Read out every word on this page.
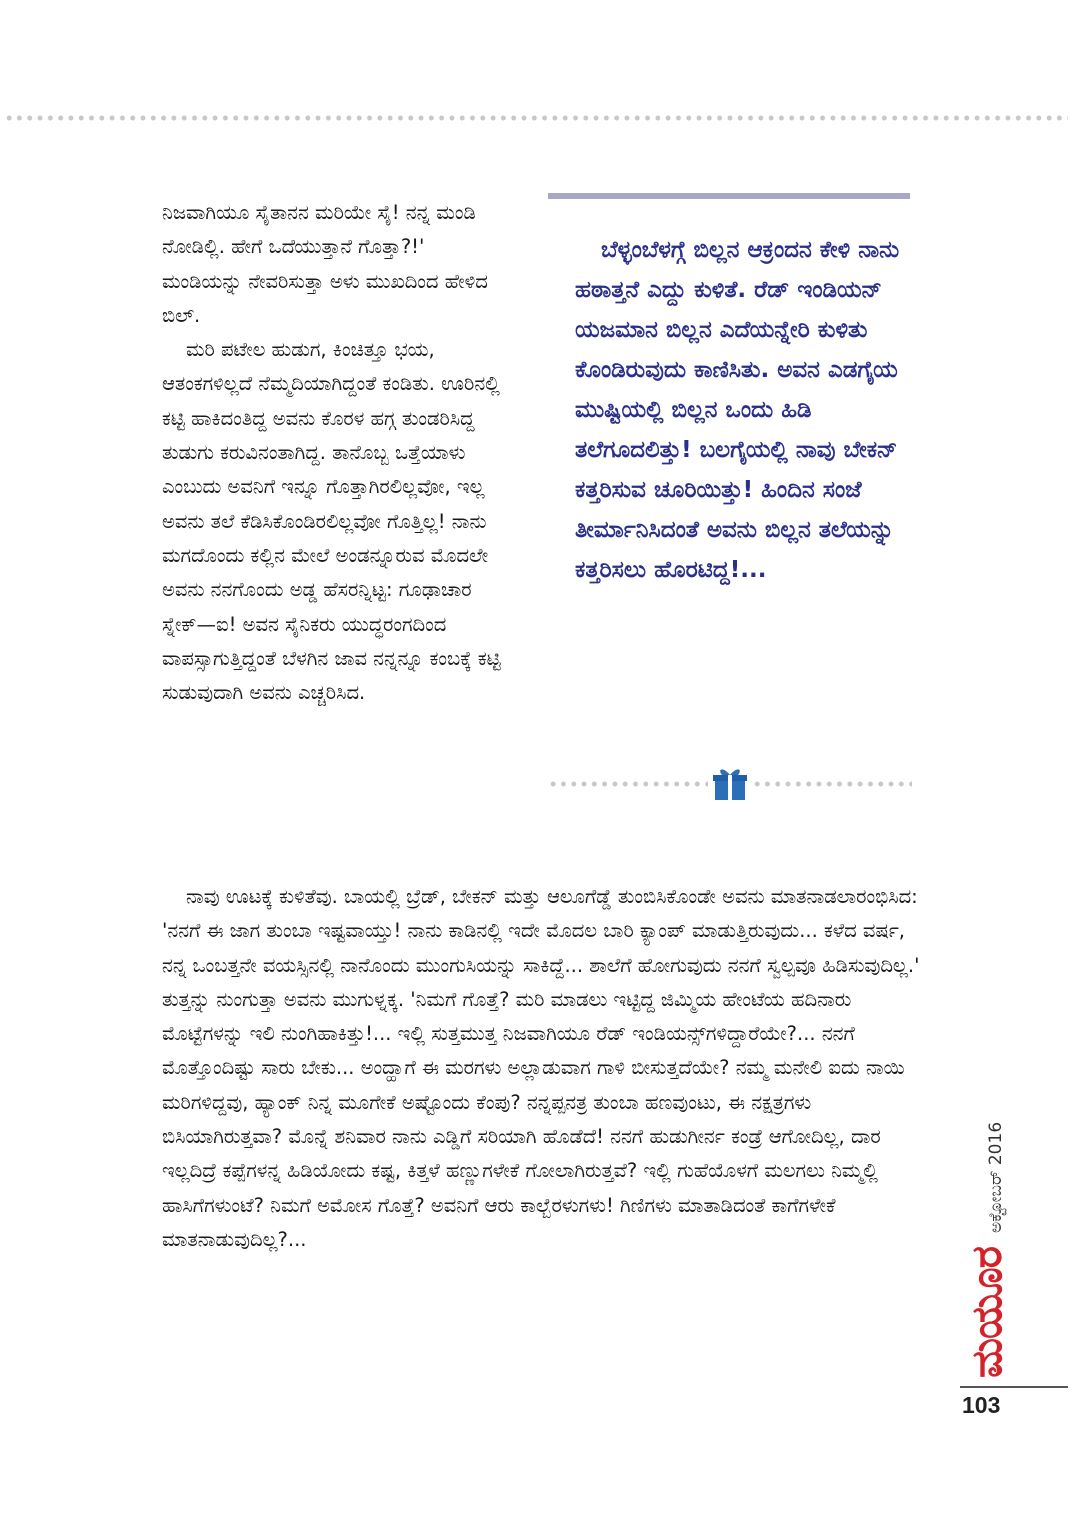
ನಿಜವಾಗಿಯೂ ಸೈತಾನನ ಮರಿಯೇ ಸೈ! ನನ್ನ ಮಂಡಿ ನೋಡಿಲ್ಲಿ. ಹೇಗೆ ಒದೆಯುತ್ತಾನೆ ಗೊತ್ತಾ?!' ಮಂಡಿಯನ್ನು ನೇವರಿಸುತ್ತಾ ಅಳು ಮುಖದಿಂದ ಹೇಳಿದ ಬಿಲ್.

ಮರಿ ಪಟೇಲ ಹುಡುಗ, ಕಿಂಚಿತ್ತೂ ಭಯ, ಆತಂಕಗಳಿಲ್ಲದೆ ನೆಮ್ಮದಿಯಾಗಿದ್ದಂತೆ ಕಂಡಿತು. ಊರಿನಲ್ಲಿ ಕಟ್ಟಿ ಹಾಕಿದಂತಿದ್ದ ಅವನು ಕೊರಳ ಹಗ್ಗ ತುಂಡರಿಸಿದ್ದ ತುಡುಗು ಕರುವಿನಂತಾಗಿದ್ದ. ತಾನೊಬ್ಬ ಒತ್ತೆಯಾಳು ಎಂಬುದು ಅವನಿಗೆ ಇನ್ನೂ ಗೊತ್ತಾಗಿರಲಿಲ್ಲವೋ, ಇಲ್ಲ ಅವನು ತಲೆ ಕೆಡಿಸಿಕೊಂಡಿರಲಿಲ್ಲವೋ ಗೊತ್ತಿಲ್ಲ! ನಾನು ಮಗದೊಂದು ಕಲ್ಲಿನ ಮೇಲೆ ಅಂಡನ್ನೂರುವ ಮೊದಲೇ ಅವನು ನನಗೊಂದು ಅಡ್ಡ ಹೆಸರನ್ನಿಟ್ಟ: ಗೂಢಾಚಾರ ಸ್ನೇಕ್—ಐ! ಅವನ ಸೈನಿಕರು ಯುದ್ಧರಂಗದಿಂದ ವಾಪಸ್ಸಾಗುತ್ತಿದ್ದಂತೆ ಬೆಳಗಿನ ಜಾವ ನನ್ನನ್ನೂ ಕಂಬಕ್ಕೆ ಕಟ್ಟಿ ಸುಡುವುದಾಗಿ ಅವನು ಎಚ್ಚರಿಸಿದ.

ಬೆಳ್ಳಂಬೆಳಗ್ಗೆ ಬಿಲ್ಲನ ಆಕ್ರಂದನ ಕೇಳಿ ನಾನು ಹಠಾತ್ತನೆ ಎದ್ದು ಕುಳಿತೆ. ರೆಡ್ ಇಂಡಿಯನ್ ಯಜಮಾನ ಬಿಲ್ಲನ ಎದೆಯನ್ನೇರಿ ಕುಳಿತು ಕೊಂಡಿರುವುದು ಕಾಣಿಸಿತು. ಅವನ ಎಡಗೈಯ ಮುಷ್ಟಿಯಲ್ಲಿ ಬಿಲ್ಲನ ಒಂದು ಹಿಡಿ ತಲೆಗೂದಲಿತ್ತು! ಬಲಗೈಯಲ್ಲಿ ನಾವು ಬೇಕನ್ ಕತ್ತರಿಸುವ ಚೂರಿಯಿತ್ತು! ಹಿಂದಿನ ಸಂಜೆ ತೀರ್ಮಾನಿಸಿದಂತೆ ಅವನು ಬಿಲ್ಲನ ತಲೆಯನ್ನು ಕತ್ತರಿಸಲು ಹೊರಟಿದ್ದ!...

ನಾವು ಊಟಕ್ಕೆ ಕುಳಿತೆವು. ಬಾಯಲ್ಲಿ ಬ್ರೆಡ್, ಬೇಕನ್ ಮತ್ತು ಆಲೂಗೆಡ್ಡೆ ತುಂಬಿಸಿಕೊಂಡೇ ಅವನು ಮಾತನಾಡಲಾರಂಭಿಸಿದ: 'ನನಗೆ ಈ ಜಾಗ ತುಂಬಾ ಇಷ್ಟವಾಯ್ತು! ನಾನು ಕಾಡಿನಲ್ಲಿ ಇದೇ ಮೊದಲ ಬಾರಿ ಕ್ಯಾಂಪ್ ಮಾಡುತ್ತಿರುವುದು... ಕಳೆದ ವರ್ಷ, ನನ್ನ ಒಂಬತ್ತನೇ ವಯಸ್ಸಿನಲ್ಲಿ ನಾನೊಂದು ಮುಂಗುಸಿಯನ್ನು ಸಾಕಿದ್ದೆ... ಶಾಲೆಗೆ ಹೋಗುವುದು ನನಗೆ ಸ್ವಲ್ಪವೂ ಹಿಡಿಸುವುದಿಲ್ಲ.' ತುತ್ತನ್ನು ನುಂಗುತ್ತಾ ಅವನು ಮುಗುಳ್ನಕ್ಕ. 'ನಿಮಗೆ ಗೊತ್ತೆ? ಮರಿ ಮಾಡಲು ಇಟ್ಟಿದ್ದ ಜಿಮ್ಮಿಯ ಹೇಂಟೆಯ ಹದಿನಾರು ಮೊಟ್ಟೆಗಳನ್ನು ಇಲಿ ನುಂಗಿಹಾಕಿತ್ತು!... ಇಲ್ಲಿ ಸುತ್ತಮುತ್ತ ನಿಜವಾಗಿಯೂ ರೆಡ್ ಇಂಡಿಯನ್ಸ್‌ಗಳಿದ್ದಾರೆಯೇ?... ನನಗೆ ಮೊತ್ತೊಂದಿಷ್ಟು ಸಾರು ಬೇಕು... ಅಂದ್ಹಾಗೆ ಈ ಮರಗಳು ಅಲ್ಲಾಡುವಾಗ ಗಾಳಿ ಬೀಸುತ್ತದೆಯೇ? ನಮ್ಮ ಮನೇಲಿ ಐದು ನಾಯಿ ಮರಿಗಳಿದ್ದವು, ಹ್ಯಾಂಕ್ ನಿನ್ನ ಮೂಗೇಕೆ ಅಷ್ಟೊಂದು ಕೆಂಪು? ನನ್ನಪ್ಪನತ್ರ ತುಂಬಾ ಹಣವುಂಟು, ಈ ನಕ್ಷತ್ರಗಳು ಬಿಸಿಯಾಗಿರುತ್ತವಾ? ಮೊನ್ನೆ ಶನಿವಾರ ನಾನು ಎಡ್ಡಿಗೆ ಸರಿಯಾಗಿ ಹೊಡೆದೆ! ನನಗೆ ಹುಡುಗೀರ್ನ ಕಂಡ್ರೆ ಆಗೋದಿಲ್ಲ, ದಾರ ಇಲ್ಲದಿದ್ರೆ ಕಪ್ಪೆಗಳನ್ನ ಹಿಡಿಯೋದು ಕಷ್ಟ, ಕಿತ್ತಳೆ ಹಣ್ಣುಗಳೇಕೆ ಗೋಲಾಗಿರುತ್ತವೆ? ಇಲ್ಲಿ ಗುಹೆಯೊಳಗೆ ಮಲಗಲು ನಿಮ್ಮಲ್ಲಿ ಹಾಸಿಗೆಗಳುಂಟೆ? ನಿಮಗೆ ಅಮೋಸ ಗೊತ್ತೆ? ಅವನಿಗೆ ಆರು ಕಾಲ್ಬೆರಳುಗಳು! ಗಿಣಿಗಳು ಮಾತಾಡಿದಂತೆ ಕಾಗೆಗಳೇಕೆ ಮಾತನಾಡುವುದಿಲ್ಲ?...

ಮಯೂರ
ಅಕ್ಟೋಬರ್ 2016
103
